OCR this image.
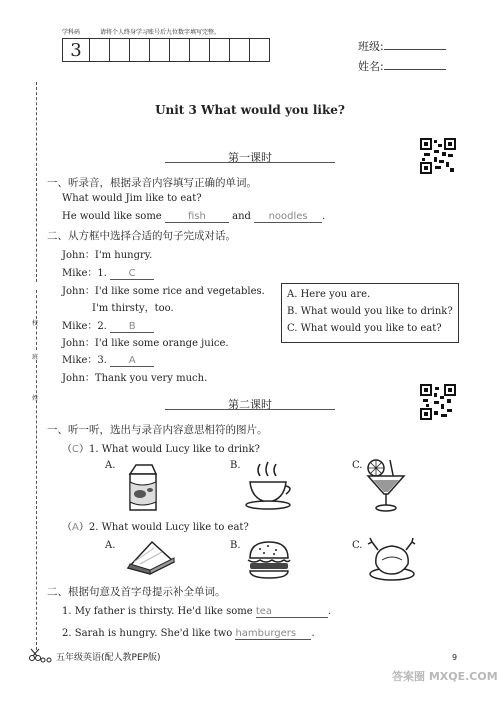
学科码	请将个人终身学习账号后九位数字填写完整。
3										班级:
姓名:
校
班
姓
Unit 3 What would you like?
第一课时
一、听录音，根据录音内容填写正确的单词。
What would Jim like to eat?
He would like some	fish	and noodles .
二、从方框中选择合适的句子完成对话。
John：I'm hungry.
Mike：1. C
John：I'd like some rice and vegetables.
I'm thirsty，too.
Mike：2. B
John：I'd like some orange juice.
Mike：3. A
John：Thank you very much.
A. Here you are.
B. What would you like to drink?
C. What would you like to eat?
第二课时
一、听一听，选出与录音内容意思相符的图片。
（C）1. What would Lucy like to drink?
A.	B.	C.
（A）2. What would Lucy like to eat?
A.	B.	C.
二、根据句意及首字母提示补全单词。
1. My father is thirsty. He'd like some tea	.
2. Sarah is hungry. She'd like two hamburgers .
五年级英语(配人教PEP版)	9
答案圈 MXQE.COM
